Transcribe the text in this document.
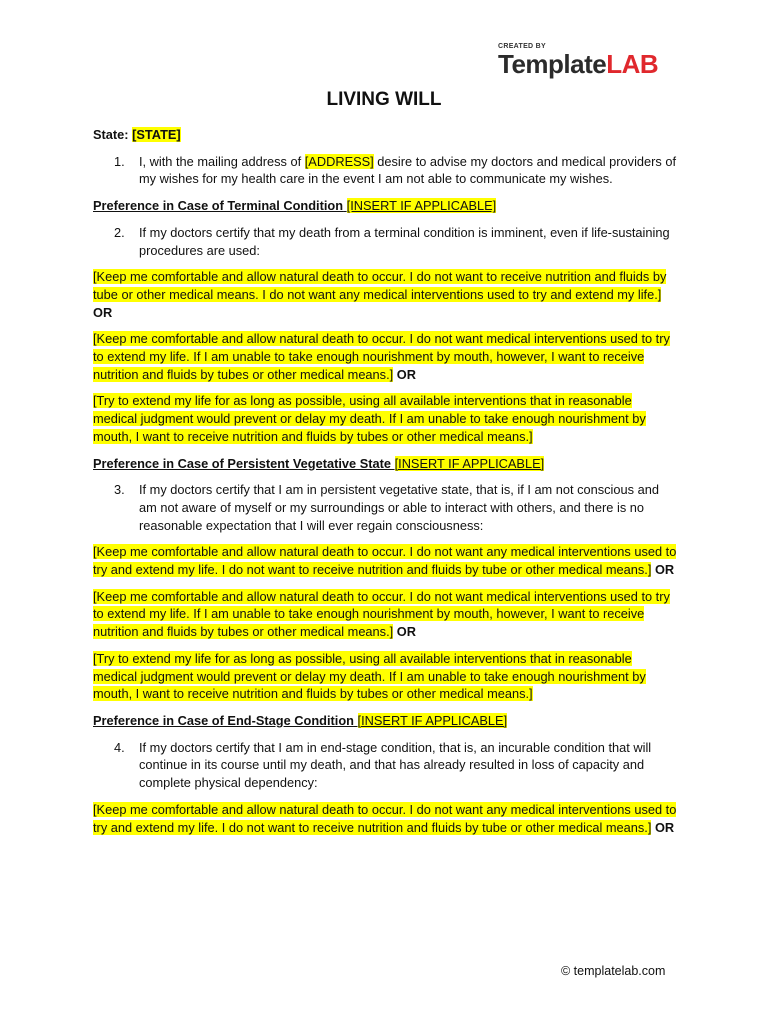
CREATED BY
TemplateLAB
LIVING WILL

State: [STATE]

1.	I, with the mailing address of [ADDRESS] desire to advise my doctors and medical providers of my wishes for my health care in the event I am not able to communicate my wishes.

Preference in Case of Terminal Condition [INSERT IF APPLICABLE]

2.	If my doctors certify that my death from a terminal condition is imminent, even if life-sustaining procedures are used:

[Keep me comfortable and allow natural death to occur. I do not want to receive nutrition and fluids by tube or other medical means. I do not want any medical interventions used to try and extend my life.] OR

[Keep me comfortable and allow natural death to occur. I do not want medical interventions used to try to extend my life. If I am unable to take enough nourishment by mouth, however, I want to receive nutrition and fluids by tubes or other medical means.] OR

[Try to extend my life for as long as possible, using all available interventions that in reasonable medical judgment would prevent or delay my death. If I am unable to take enough nourishment by mouth, I want to receive nutrition and fluids by tubes or other medical means.]

Preference in Case of Persistent Vegetative State [INSERT IF APPLICABLE]

3.	If my doctors certify that I am in persistent vegetative state, that is, if I am not conscious and am not aware of myself or my surroundings or able to interact with others, and there is no reasonable expectation that I will ever regain consciousness:

[Keep me comfortable and allow natural death to occur. I do not want any medical interventions used to try and extend my life. I do not want to receive nutrition and fluids by tube or other medical means.] OR

[Keep me comfortable and allow natural death to occur. I do not want medical interventions used to try to extend my life. If I am unable to take enough nourishment by mouth, however, I want to receive nutrition and fluids by tubes or other medical means.] OR

[Try to extend my life for as long as possible, using all available interventions that in reasonable medical judgment would prevent or delay my death. If I am unable to take enough nourishment by mouth, I want to receive nutrition and fluids by tubes or other medical means.]

Preference in Case of End-Stage Condition [INSERT IF APPLICABLE]

4.	If my doctors certify that I am in end-stage condition, that is, an incurable condition that will continue in its course until my death, and that has already resulted in loss of capacity and complete physical dependency:

[Keep me comfortable and allow natural death to occur. I do not want any medical interventions used to try and extend my life. I do not want to receive nutrition and fluids by tube or other medical means.] OR

© templatelab.com
